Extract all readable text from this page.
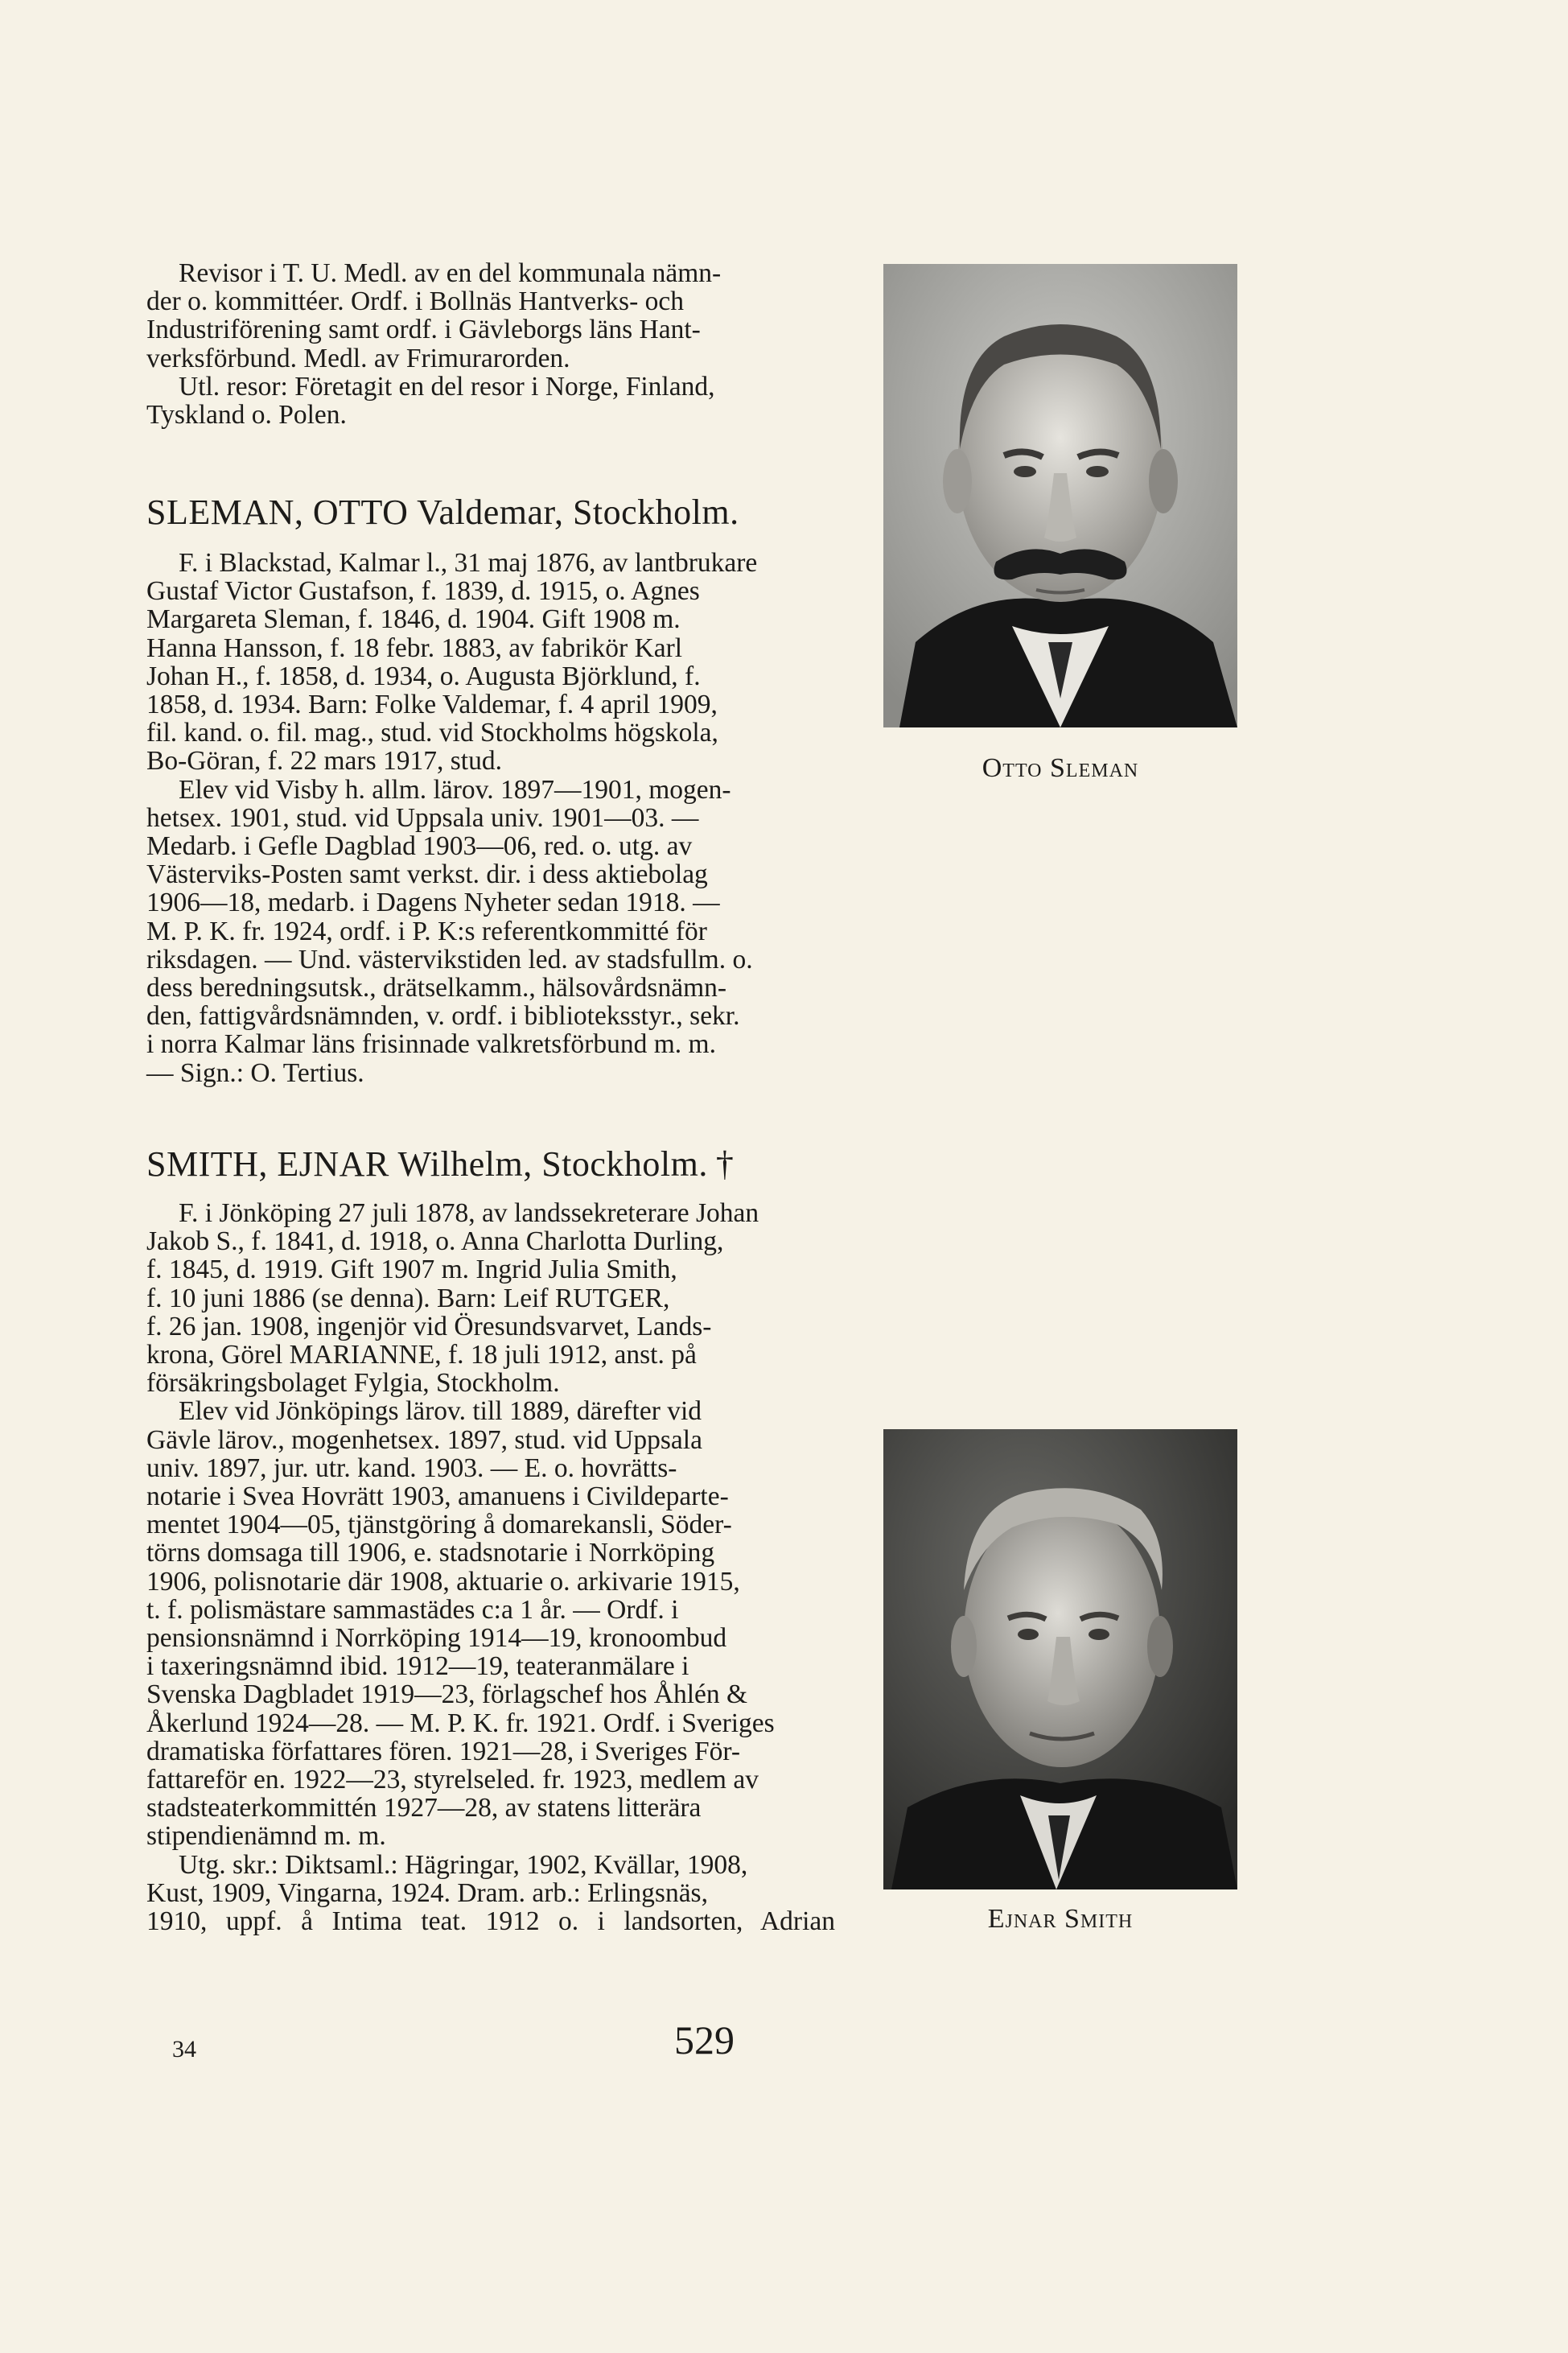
Revisor i T. U. Medl. av en del kommunala nämn-

der o. kommittéer. Ordf. i Bollnäs Hantverks- och

Industriförening samt ordf. i Gävleborgs läns Hant-

verksförbund. Medl. av Frimurarorden.

Utl. resor: Företagit en del resor i Norge, Finland,

Tyskland o. Polen.

SLEMAN, OTTO Valdemar, Stockholm.

F. i Blackstad, Kalmar l., 31 maj 1876, av lantbrukare

Gustaf Victor Gustafson, f. 1839, d. 1915, o. Agnes

Margareta Sleman, f. 1846, d. 1904. Gift 1908 m.

Hanna Hansson, f. 18 febr. 1883, av fabrikör Karl

Johan H., f. 1858, d. 1934, o. Augusta Björklund, f.

1858, d. 1934. Barn: Folke Valdemar, f. 4 april 1909,

fil. kand. o. fil. mag., stud. vid Stockholms högskola,

Bo-Göran, f. 22 mars 1917, stud.

Elev vid Visby h. allm. lärov. 1897—1901, mogen-

hetsex. 1901, stud. vid Uppsala univ. 1901—03. —

Medarb. i Gefle Dagblad 1903—06, red. o. utg. av

Västerviks-Posten samt verkst. dir. i dess aktiebolag

1906—18, medarb. i Dagens Nyheter sedan 1918. —

M. P. K. fr. 1924, ordf. i P. K:s referentkommitté för

riksdagen. — Und. västervikstiden led. av stadsfullm. o.

dess beredningsutsk., drätselkamm., hälsovårdsnämn-

den, fattigvårdsnämnden, v. ordf. i biblioteksstyr., sekr.

i norra Kalmar läns frisinnade valkretsförbund m. m.

— Sign.: O. Tertius.

Otto Sleman
SMITH, EJNAR Wilhelm, Stockholm. †

F. i Jönköping 27 juli 1878, av landssekreterare Johan

Jakob S., f. 1841, d. 1918, o. Anna Charlotta Durling,

f. 1845, d. 1919. Gift 1907 m. Ingrid Julia Smith,

f. 10 juni 1886 (se denna). Barn: Leif RUTGER,

f. 26 jan. 1908, ingenjör vid Öresundsvarvet, Lands-

krona, Görel MARIANNE, f. 18 juli 1912, anst. på

försäkringsbolaget Fylgia, Stockholm.

Elev vid Jönköpings lärov. till 1889, därefter vid

Gävle lärov., mogenhetsex. 1897, stud. vid Uppsala

univ. 1897, jur. utr. kand. 1903. — E. o. hovrätts-

notarie i Svea Hovrätt 1903, amanuens i Civildeparte-

mentet 1904—05, tjänstgöring å domarekansli, Söder-

törns domsaga till 1906, e. stadsnotarie i Norrköping

1906, polisnotarie där 1908, aktuarie o. arkivarie 1915,

t. f. polismästare sammastädes c:a 1 år. — Ordf. i

pensionsnämnd i Norrköping 1914—19, kronoombud

i taxeringsnämnd ibid. 1912—19, teateranmälare i

Svenska Dagbladet 1919—23, förlagschef hos Åhlén &

Åkerlund 1924—28. — M. P. K. fr. 1921. Ordf. i Sveriges

dramatiska författares fören. 1921—28, i Sveriges För-

fattareför en. 1922—23, styrelseled. fr. 1923, medlem av

stadsteaterkommittén 1927—28, av statens litterära

stipendienämnd m. m.

Utg. skr.: Diktsaml.: Hägringar, 1902, Kvällar, 1908,

Kust, 1909, Vingarna, 1924. Dram. arb.: Erlingsnäs,

1910, uppf. å Intima teat. 1912 o. i landsorten, Adrian	Ejnar Smith
34	529
